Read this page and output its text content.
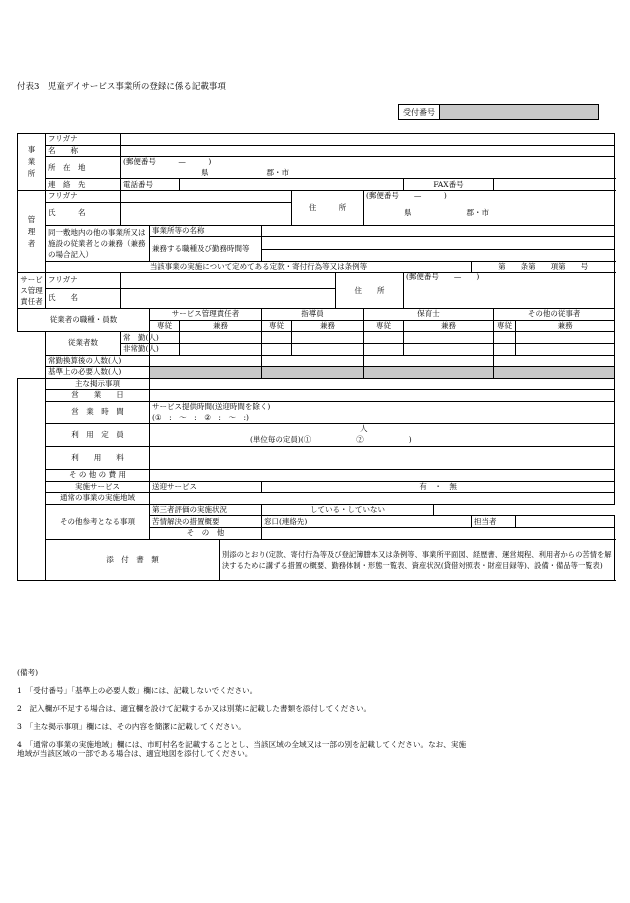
付表3　児童デイサービス事業所の登録に係る記載事項
受付番号	
事
業
所	フリガナ													
	名　　称													
	所　在　地	(郵便番号　　　—　　　)												
		県 郡・市												
	連　絡　先	電話番号								FAX番号				

管
理
者	フリガナ						住　　　所		(郵便番号　　—　　　)					
	氏　　　名								県 郡・市					
	同一敷地内の他の事業所又は施設の従業者との兼務（兼務の場合記入）		事業所等の名称											
			兼務する職種及び勤務時間等											

	当該事業の実施について定めてある定款・寄付行為等又は条例等											第　　条第　　項第　　号		
サービス管理責任者	フリガナ							住　　所		(郵便番号　　—　　)				
	氏　　名													
従業者の職種・員数			サービス管理責任者			指導員			保育士				その他の従事者	
			専従	兼務		専従	兼務		専従	兼務			専従	兼務
	従業者数	常　勤(人)												
		非常勤(人)												
	常勤換算後の人数(人)													
	基準上の必要人数(人)													
	主な掲示事項													
	営　　業　　日													
	営　業　時　間		サービス提供時間(送迎時間を除く)											
			(①　:　〜　:　②　:　〜　:)											
	利　用　定　員		人											
			(単位毎の定員)(①　　　　　　②　　　　　　)											
	利　　用　　料													
	そ の 他 の 費 用													
	実施サービス		送迎サービス			有　・　無								
	通常の事業の実施地域													
	その他参考となる事項		第三者評価の実施状況			している・していない								
			苦情解決の措置概要			窓口(連絡先)						担当者		
			そ　の　他											
	添　付　書　類				別添のとおり(定款、寄付行為等及び登記簿謄本又は条例等、事業所平面図、経歴書、運営規程、利用者からの苦情を解決するために講ずる措置の概要、勤務体制・形態一覧表、資産状況(貸借対照表・財産目録等)、設備・備品等一覧表)									
(備考)
1　「受付番号」「基準上の必要人数」欄には、記載しないでください。
2　記入欄が不足する場合は、適宜欄を設けて記載するか又は別葉に記載した書類を添付してください。
3　「主な掲示事項」欄には、その内容を簡潔に記載してください。
4　「通常の事業の実施地域」欄には、市町村名を記載することとし、当該区域の全域又は一部の別を記載してください。なお、実施
地域が当該区域の一部である場合は、適宜地図を添付してください。
